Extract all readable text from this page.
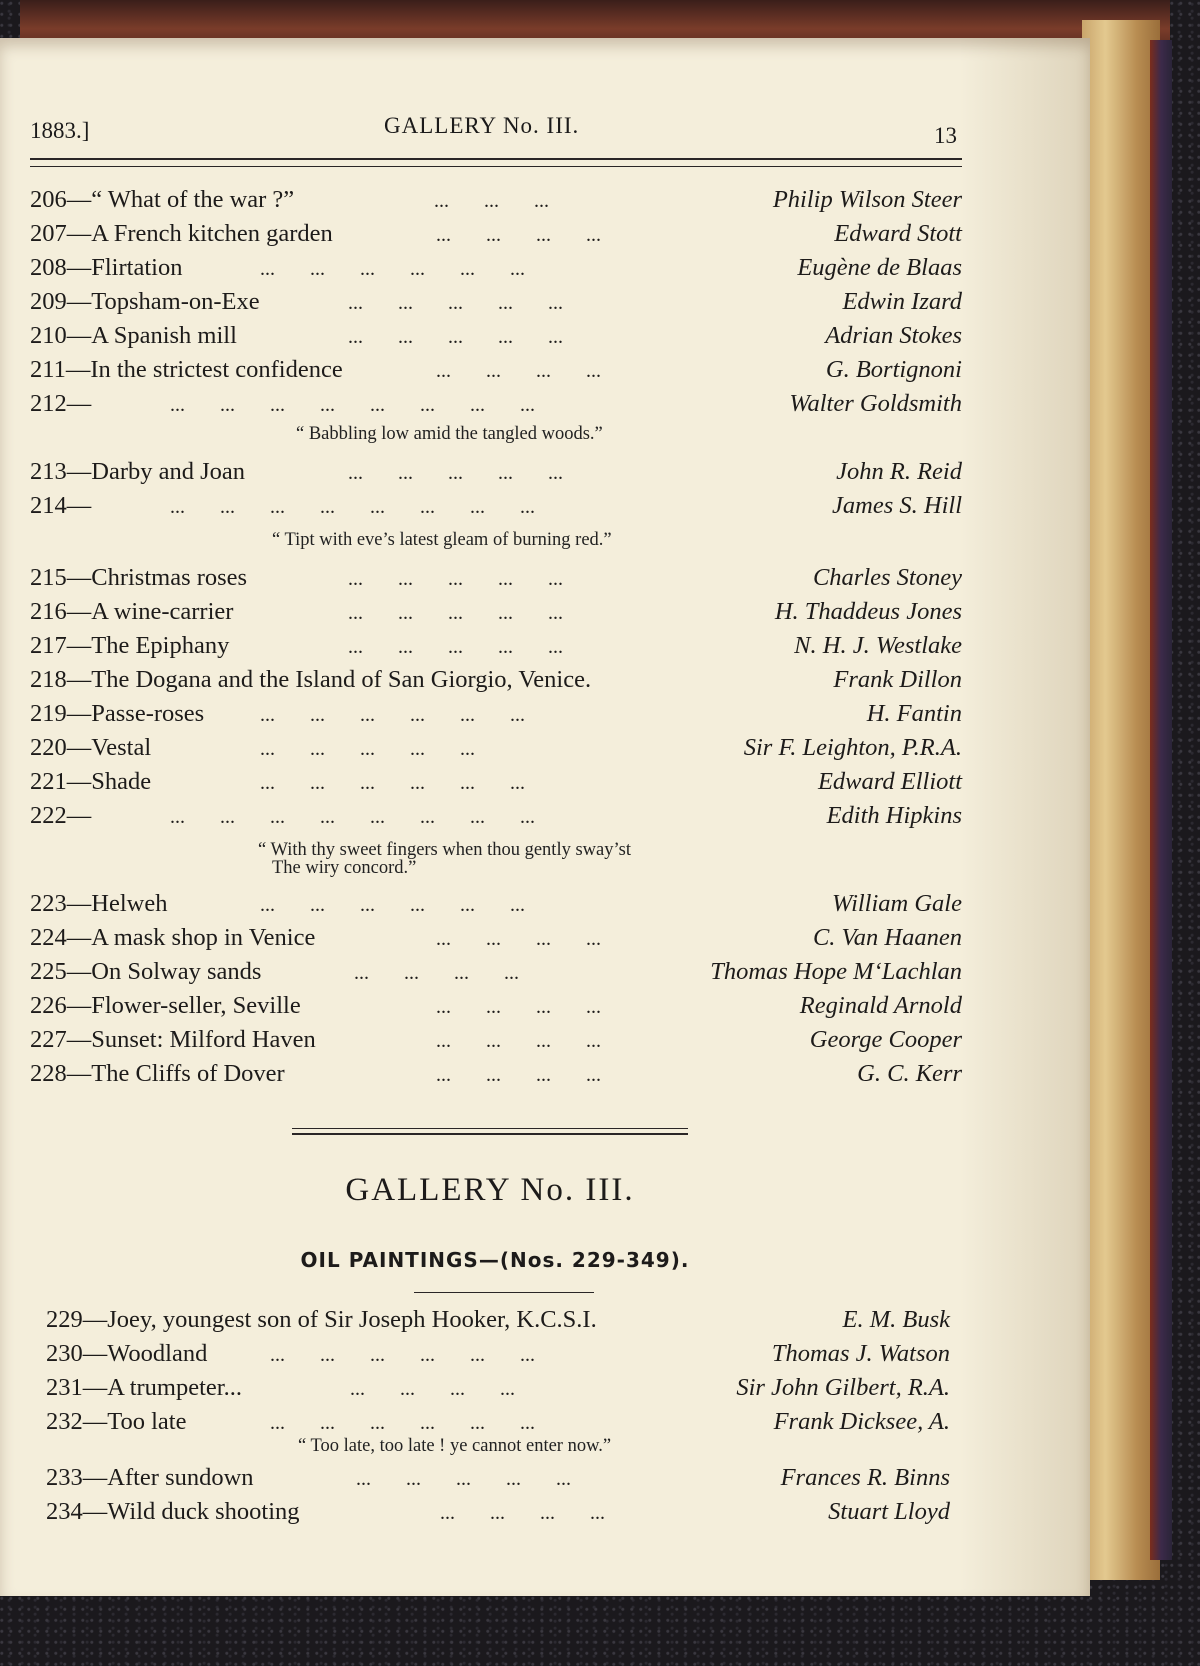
1883.]	GALLERY No. III.	13
206—“ What of the war ?”	...       ...       ...	Philip Wilson Steer
207—A French kitchen garden	...       ...       ...       ...	Edward Stott
208—Flirtation	...       ...       ...       ...       ...       ...	Eugène de Blaas
209—Topsham-on-Exe	...       ...       ...       ...       ...	Edwin Izard
210—A Spanish mill	...       ...       ...       ...       ...	Adrian Stokes
211—In the strictest confidence	...       ...       ...       ...	G. Bortignoni
212—	...       ...       ...       ...       ...       ...       ...       ...	Walter Goldsmith
“ Babbling low amid the tangled woods.”
213—Darby and Joan	...       ...       ...       ...       ...	John R. Reid
214—	...       ...       ...       ...       ...       ...       ...       ...	James S. Hill
“ Tipt with eve’s latest gleam of burning red.”
215—Christmas roses	...       ...       ...       ...       ...	Charles Stoney
216—A wine-carrier	...       ...       ...       ...       ...	H. Thaddeus Jones
217—The Epiphany	...       ...       ...       ...       ...	N. H. J. Westlake
218—The Dogana and the Island of San Giorgio, Venice.	Frank Dillon
219—Passe-roses	...       ...       ...       ...       ...       ...	H. Fantin
220—Vestal	...       ...       ...       ...       ...	Sir F. Leighton, P.R.A.
221—Shade	...       ...       ...       ...       ...       ...	Edward Elliott
222—	...       ...       ...       ...       ...       ...       ...       ...	Edith Hipkins
“ With thy sweet fingers when thou gently sway’st
The wiry concord.”
223—Helweh	...       ...       ...       ...       ...       ...	William Gale
224—A mask shop in Venice	...       ...       ...       ...	C. Van Haanen
225—On Solway sands	...       ...       ...       ...	Thomas Hope M‘Lachlan
226—Flower-seller, Seville	...       ...       ...       ...	Reginald Arnold
227—Sunset: Milford Haven	...       ...       ...       ...	George Cooper
228—The Cliffs of Dover	...       ...       ...       ...	G. C. Kerr
GALLERY No. III.
OIL PAINTINGS—(Nos. 229-349).
229—Joey, youngest son of Sir Joseph Hooker, K.C.S.I.	E. M. Busk
230—Woodland	...       ...       ...       ...       ...       ...	Thomas J. Watson
231—A trumpeter...	...       ...       ...       ...	Sir John Gilbert, R.A.
232—Too late	...       ...       ...       ...       ...       ...	Frank Dicksee, A.
“ Too late, too late ! ye cannot enter now.”
233—After sundown	...       ...       ...       ...       ...	Frances R. Binns
234—Wild duck shooting	...       ...       ...       ...	Stuart Lloyd
